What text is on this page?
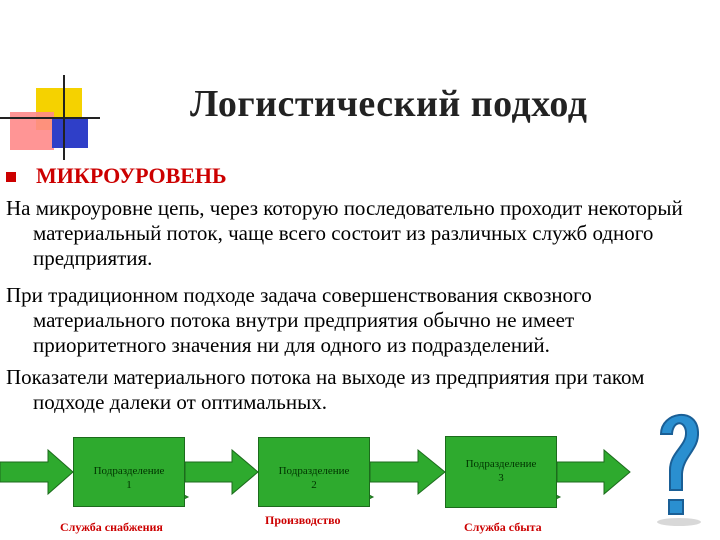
Логистический подход
МИКРОУРОВЕНЬ
На микроуровне цепь, через которую последовательно проходит некоторый материальный поток, чаще всего состоит из различных служб одного предприятия.
При традиционном подходе задача совершенствования сквозного материального потока внутри предприятия обычно не имеет приоритетного значения ни для одного из подразделений.
Показатели материального потока на выходе из предприятия при таком подходе далеки от оптимальных.
Подразделение
1
Подразделение
2
Подразделение
3
Служба снабжения	Производство	Служба сбыта
